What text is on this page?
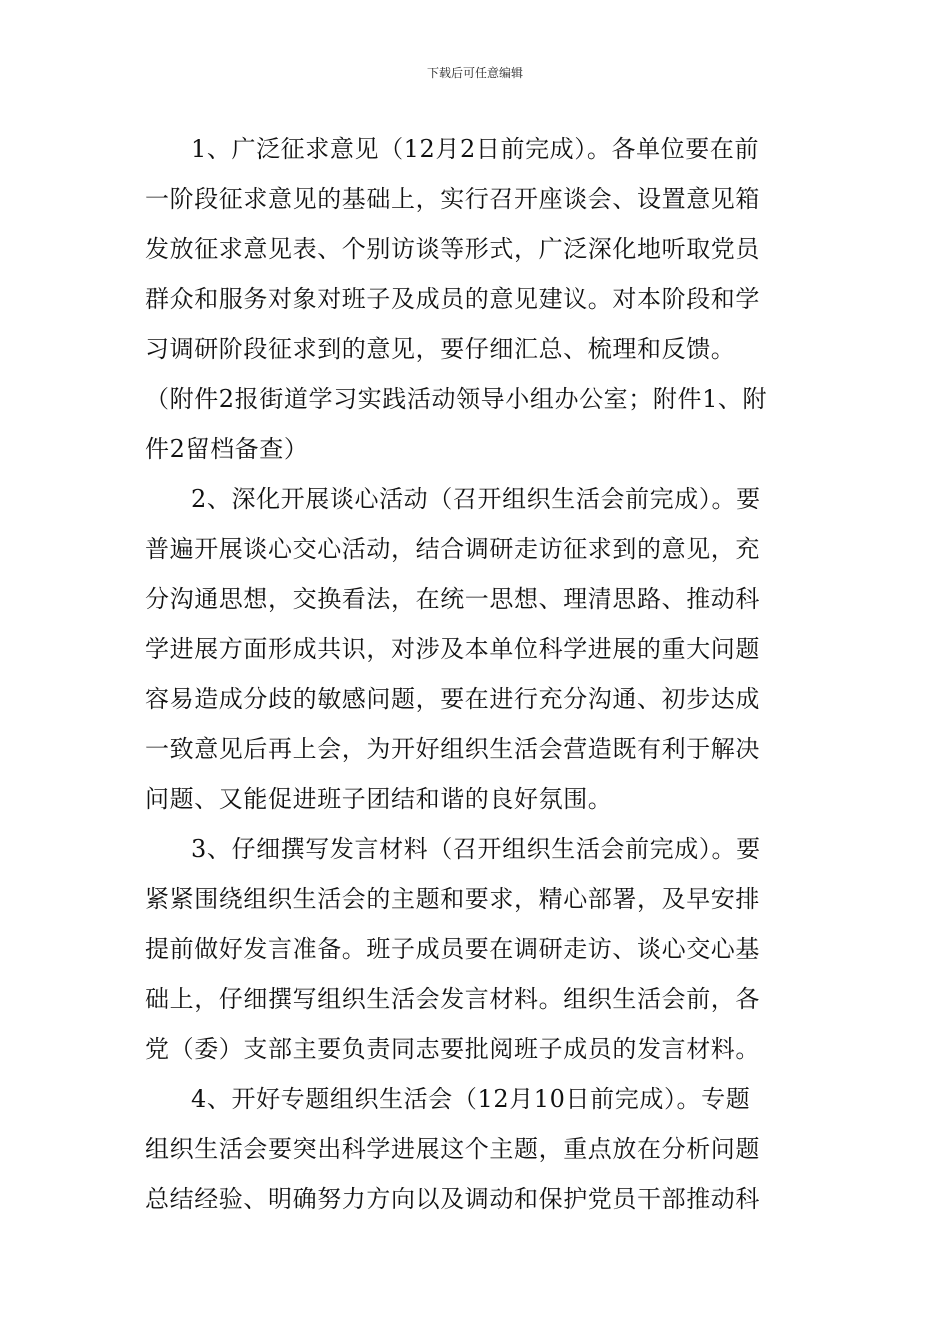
下载后可任意编辑
1、广泛征求意见（12月2日前完成）。各单位要在前
一阶段征求意见的基础上，实行召开座谈会、设置意见箱
发放征求意见表、个别访谈等形式，广泛深化地听取党员
群众和服务对象对班子及成员的意见建议。对本阶段和学
习调研阶段征求到的意见，要仔细汇总、梳理和反馈。
（附件2报街道学习实践活动领导小组办公室；附件1、附
件2留档备查）
2、深化开展谈心活动（召开组织生活会前完成）。要
普遍开展谈心交心活动，结合调研走访征求到的意见，充
分沟通思想，交换看法，在统一思想、理清思路、推动科
学进展方面形成共识，对涉及本单位科学进展的重大问题
容易造成分歧的敏感问题，要在进行充分沟通、初步达成
一致意见后再上会，为开好组织生活会营造既有利于解决
问题、又能促进班子团结和谐的良好氛围。
3、仔细撰写发言材料（召开组织生活会前完成）。要
紧紧围绕组织生活会的主题和要求，精心部署，及早安排
提前做好发言准备。班子成员要在调研走访、谈心交心基
础上，仔细撰写组织生活会发言材料。组织生活会前，各
党（委）支部主要负责同志要批阅班子成员的发言材料。
4、开好专题组织生活会（12月10日前完成）。专题
组织生活会要突出科学进展这个主题，重点放在分析问题
总结经验、明确努力方向以及调动和保护党员干部推动科
